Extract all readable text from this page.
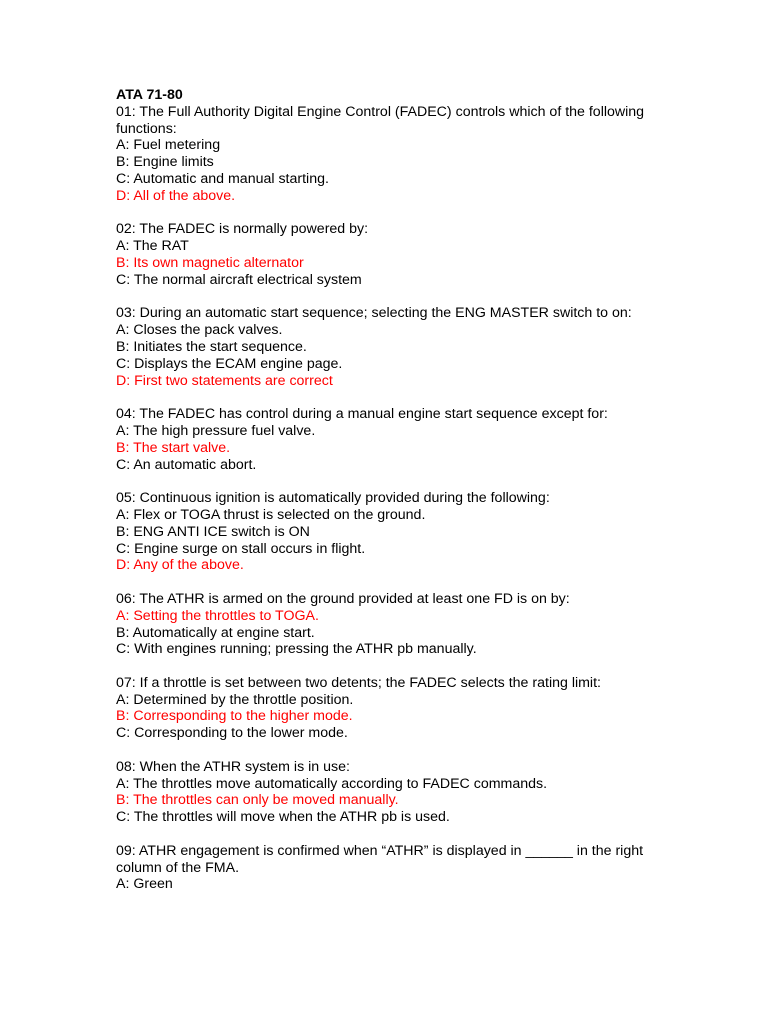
ATA 71-80

01: The Full Authority Digital Engine Control (FADEC) controls which of the following functions:

A: Fuel metering

B: Engine limits

C: Automatic and manual starting.

D: All of the above.

02: The FADEC is normally powered by:

A: The RAT

B: Its own magnetic alternator

C: The normal aircraft electrical system

03: During an automatic start sequence; selecting the ENG MASTER switch to on:

A: Closes the pack valves.

B: Initiates the start sequence.

C: Displays the ECAM engine page.

D: First two statements are correct

04: The FADEC has control during a manual engine start sequence except for:

A: The high pressure fuel valve.

B: The start valve.

C: An automatic abort.

05: Continuous ignition is automatically provided during the following:

A: Flex or TOGA thrust is selected on the ground.

B: ENG ANTI ICE switch is ON

C: Engine surge on stall occurs in flight.

D: Any of the above.

06: The ATHR is armed on the ground provided at least one FD is on by:

A: Setting the throttles to TOGA.

B: Automatically at engine start.

C: With engines running; pressing the ATHR pb manually.

07: If a throttle is set between two detents; the FADEC selects the rating limit:

A: Determined by the throttle position.

B: Corresponding to the higher mode.

C: Corresponding to the lower mode.

08: When the ATHR system is in use:

A: The throttles move automatically according to FADEC commands.

B: The throttles can only be moved manually.

C: The throttles will move when the ATHR pb is used.

09: ATHR engagement is confirmed when “ATHR” is displayed in ______ in the right column of the FMA.

A: Green
